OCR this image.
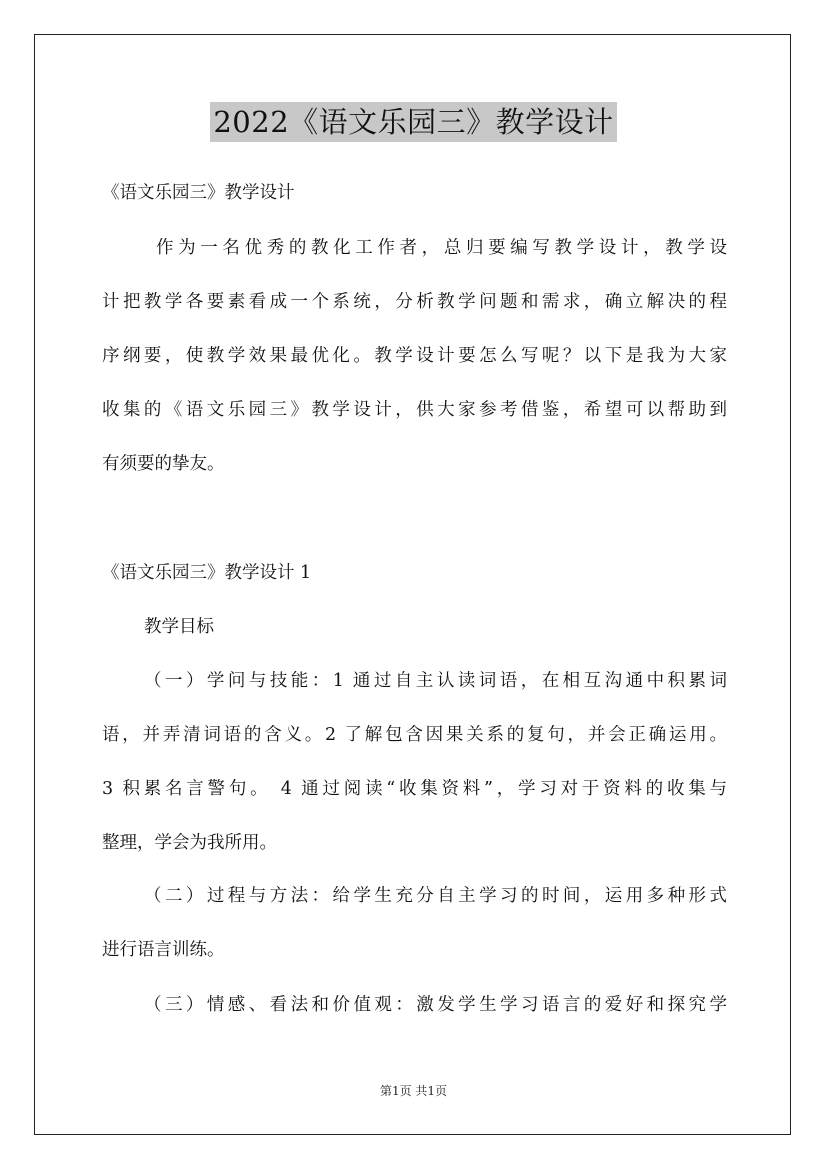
2022《语文乐园三》教学设计
《语文乐园三》教学设计
作为一名优秀的教化工作者，总归要编写教学设计，教学设
计把教学各要素看成一个系统，分析教学问题和需求，确立解决的程
序纲要，使教学效果最优化。教学设计要怎么写呢？以下是我为大家
收集的《语文乐园三》教学设计，供大家参考借鉴，希望可以帮助到
有须要的挚友。
《语文乐园三》教学设计 1
教学目标
（一）学问与技能：1 通过自主认读词语，在相互沟通中积累词
语，并弄清词语的含义。2 了解包含因果关系的复句，并会正确运用。
3 积累名言警句。 4 通过阅读“收集资料”，学习对于资料的收集与
整理，学会为我所用。
（二）过程与方法：给学生充分自主学习的时间，运用多种形式
进行语言训练。
（三）情感、看法和价值观：激发学生学习语言的爱好和探究学
第1页 共1页
